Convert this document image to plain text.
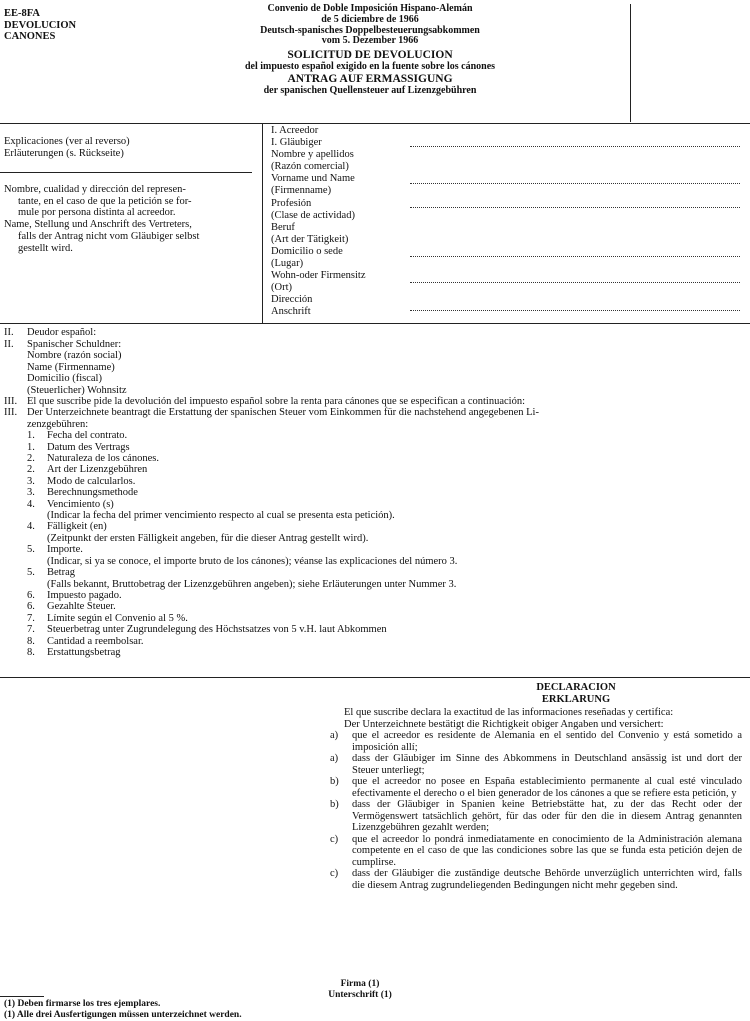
EE-8FA
DEVOLUCION
CANONES
Convenio de Doble Imposición Hispano-Alemán
de 5 diciembre de 1966
Deutsch-spanisches Doppelbesteuerungsabkommen
vom 5. Dezember 1966
SOLICITUD DE DEVOLUCION
del impuesto español exigido en la fuente sobre los cánones
ANTRAG AUF ERMASSIGUNG
der spanischen Quellensteuer auf Lizenzgebühren
Explicaciones (ver al reverso)
Erläuterungen (s. Rückseite)
Nombre, cualidad y dirección del represen-
tante, en el caso de que la petición se for-
mule por persona distinta al acreedor.
Name, Stellung und Anschrift des Vertreters,
falls der Antrag nicht vom Gläubiger selbst
gestellt wird.
I. Acreedor
I. Gläubiger
Nombre y apellidos
(Razón comercial)
Vorname und Name
(Firmenname)
Profesión
(Clase de actividad)
Beruf
(Art der Tätigkeit)
Domicilio o sede
(Lugar)
Wohn-oder Firmensitz
(Ort)
Dirección
Anschrift
II. Deudor español:
II. Spanischer Schuldner:
Nombre (razón social)
Name (Firmenname)
Domicilio (fiscal)
(Steuerlicher) Wohnsitz
III. El que suscribe pide la devolución del impuesto español sobre la renta para cánones que se especifican a continuación:
III. Der Unterzeichnete beantragt die Erstattung der spanischen Steuer vom Einkommen für die nachstehend angegebenen Li-
zenzgebühren:
1. Fecha del contrato.
1. Datum des Vertrags
2. Naturaleza de los cánones.
2. Art der Lizenzgebühren
3. Modo de calcularlos.
3. Berechnungsmethode
4. Vencimiento (s)
(Indicar la fecha del primer vencimiento respecto al cual se presenta esta petición).
4. Fälligkeit (en)
(Zeitpunkt der ersten Fälligkeit angeben, für die dieser Antrag gestellt wird).
5. Importe.
(Indicar, si ya se conoce, el importe bruto de los cánones); véanse las explicaciones del número 3.
5. Betrag
(Falls bekannt, Bruttobetrag der Lizenzgebühren angeben); siehe Erläuterungen unter Nummer 3.
6. Impuesto pagado.
6. Gezahlte Steuer.
7. Límite según el Convenio al 5 %.
7. Steuerbetrag unter Zugrundelegung des Höchstsatzes von 5 v.H. laut Abkommen
8. Cantidad a reembolsar.
8. Erstattungsbetrag
DECLARACION
ERKLARUNG

El que suscribe declara la exactitud de las informaciones reseñadas y certifica:

Der Unterzeichnete bestätigt die Richtigkeit obiger Angaben und versichert:

a)	que el acreedor es residente de Alemania en el sentido del Convenio y está sometido a imposición allí;
a)	dass der Gläubiger im Sinne des Abkommens in Deutschland ansässig ist und dort der Steuer unterliegt;
b)	que el acreedor no posee en España establecimiento permanente al cual esté vinculado efectivamente el derecho o el bien generador de los cánones a que se refiere esta petición, y
b)	dass der Gläubiger in Spanien keine Betriebstätte hat, zu der das Recht oder der Vermögenswert tatsächlich gehört, für das oder für den die in diesem Antrag genannten Lizenzgebühren gezahlt werden;
c)	que el acreedor lo pondrá inmediatamente en conocimiento de la Administración alemana competente en el caso de que las condiciones sobre las que se funda esta petición dejen de cumplirse.
c)	dass der Gläubiger die zuständige deutsche Behörde unverzüglich unterrichten wird, falls die diesem Antrag zugrundeliegenden Bedingungen nicht mehr gegeben sind.
Firma (1)
Unterschrift (1)
(1) Deben firmarse los tres ejemplares.
(1) Alle drei Ausfertigungen müssen unterzeichnet werden.
